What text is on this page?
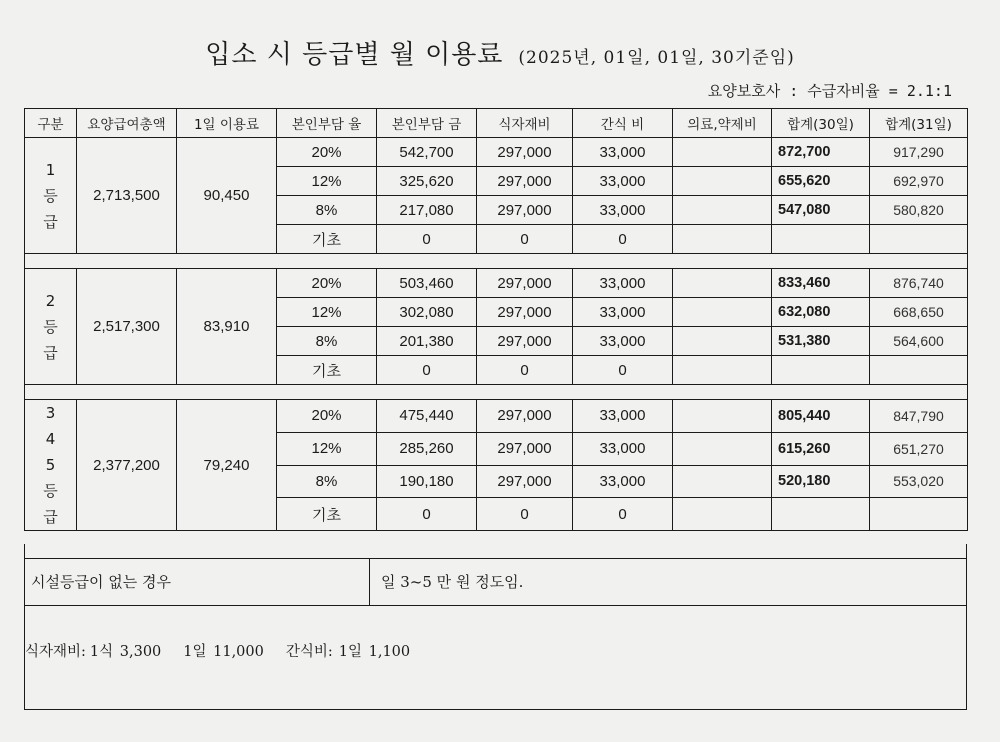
입소 시 등급별 월 이용료 (2025년, 01일, 01일, 30기준임)
요양보호사 : 수급자비율 = 2.1:1
구분	요양급여총액	1일 이용료	본인부담 율	본인부담 금	식자재비	간식 비	의료,약제비	합계(30일)	합계(31일)

1
등
급	2,713,500	90,450	20%	542,700	297,000	33,000		872,700	917,290
			12%	325,620	297,000	33,000		655,620	692,970
			8%	217,080	297,000	33,000		547,080	580,820
			기초	0	0	0			

2
등
급	2,517,300	83,910	20%	503,460	297,000	33,000		833,460	876,740
			12%	302,080	297,000	33,000		632,080	668,650
			8%	201,380	297,000	33,000		531,380	564,600
			기초	0	0	0			

3
4
5
등
급	2,377,200	79,240	20%	475,440	297,000	33,000		805,440	847,790
			12%	285,260	297,000	33,000		615,260	651,270
			8%	190,180	297,000	33,000		520,180	553,020
			기초	0	0	0			
시설등급이 없는 경우	일 3~5 만 원 정도임.
식자재비: 1식 3,300 1일 11,000 간식비: 1일 1,100
